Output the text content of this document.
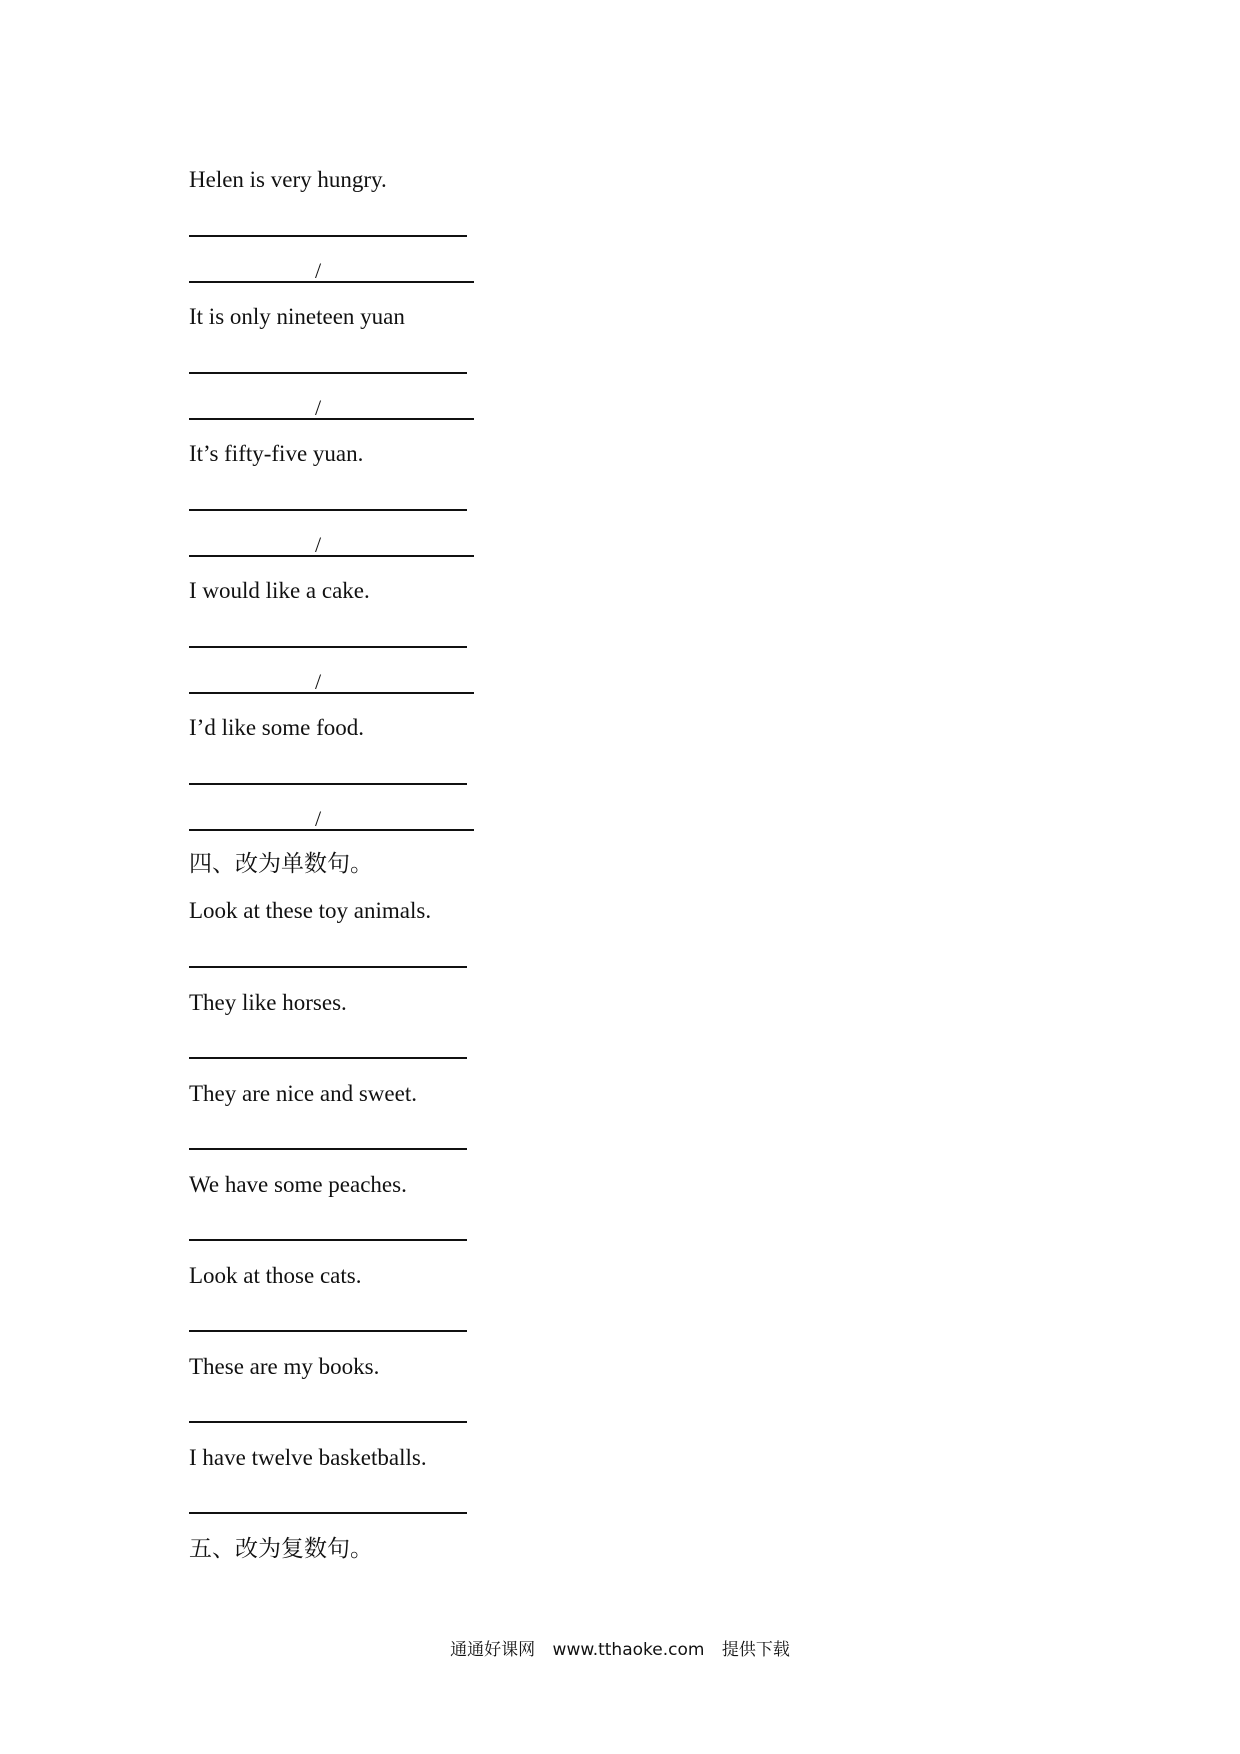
Helen is very hungry.
/
It is only nineteen yuan
/
It’s fifty-five yuan.
/
I would like a cake.
/
I’d like some food.
/
四、改为单数句。
Look at these toy animals.
They like horses.
They are nice and sweet.
We have some peaches.
Look at those cats.
These are my books.
I have twelve basketballs.
五、改为复数句。
通通好课网 www.tthaoke.com 提供下载
